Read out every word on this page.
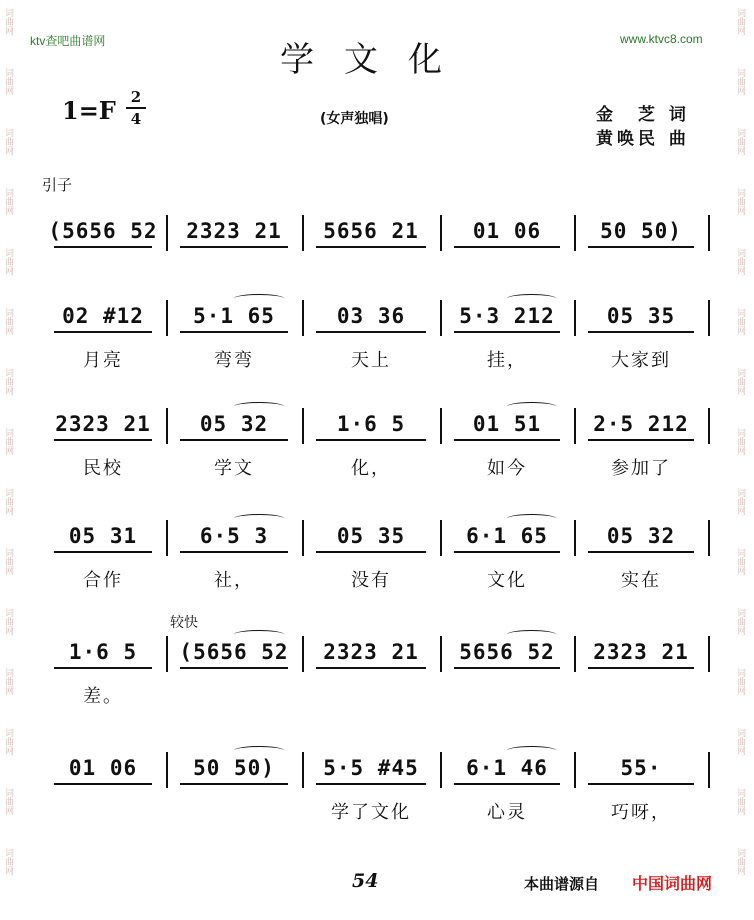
词曲网
词曲网
词曲网
词曲网
词曲网
词曲网
词曲网
词曲网
词曲网
词曲网
词曲网
词曲网
词曲网
词曲网
词曲网
词曲网
词曲网
词曲网
词曲网
词曲网
词曲网
词曲网
词曲网
词曲网
词曲网
词曲网
词曲网
词曲网
词曲网
词曲网
ktv查吧曲谱网	www.ktvc8.com
学文化
1=F 2
4	(女声独唱)	金　芝 词
黄唤民 曲
引子
较快
(5656 52	2323 21	5656 21	01 06	50 50)
02 #12
月亮
5·1 65
弯弯
03 36
天上
5·3 212
挂，
05 35
大家到
2323 21
民校
05 32
学文
1·6 5
化，
01 51
如今
2·5 212
参加了
05 31
合作
6·5 3
社，
05 35
没有
6·1 65
文化
05 32
实在
1·6 5
差。
(5656 52	2323 21	5656 52	2323 21
01 06	50 50)	5·5 #45
学了文化
6·1 46
心灵
55·
巧呀，
54	本曲谱源自 中国词曲网
